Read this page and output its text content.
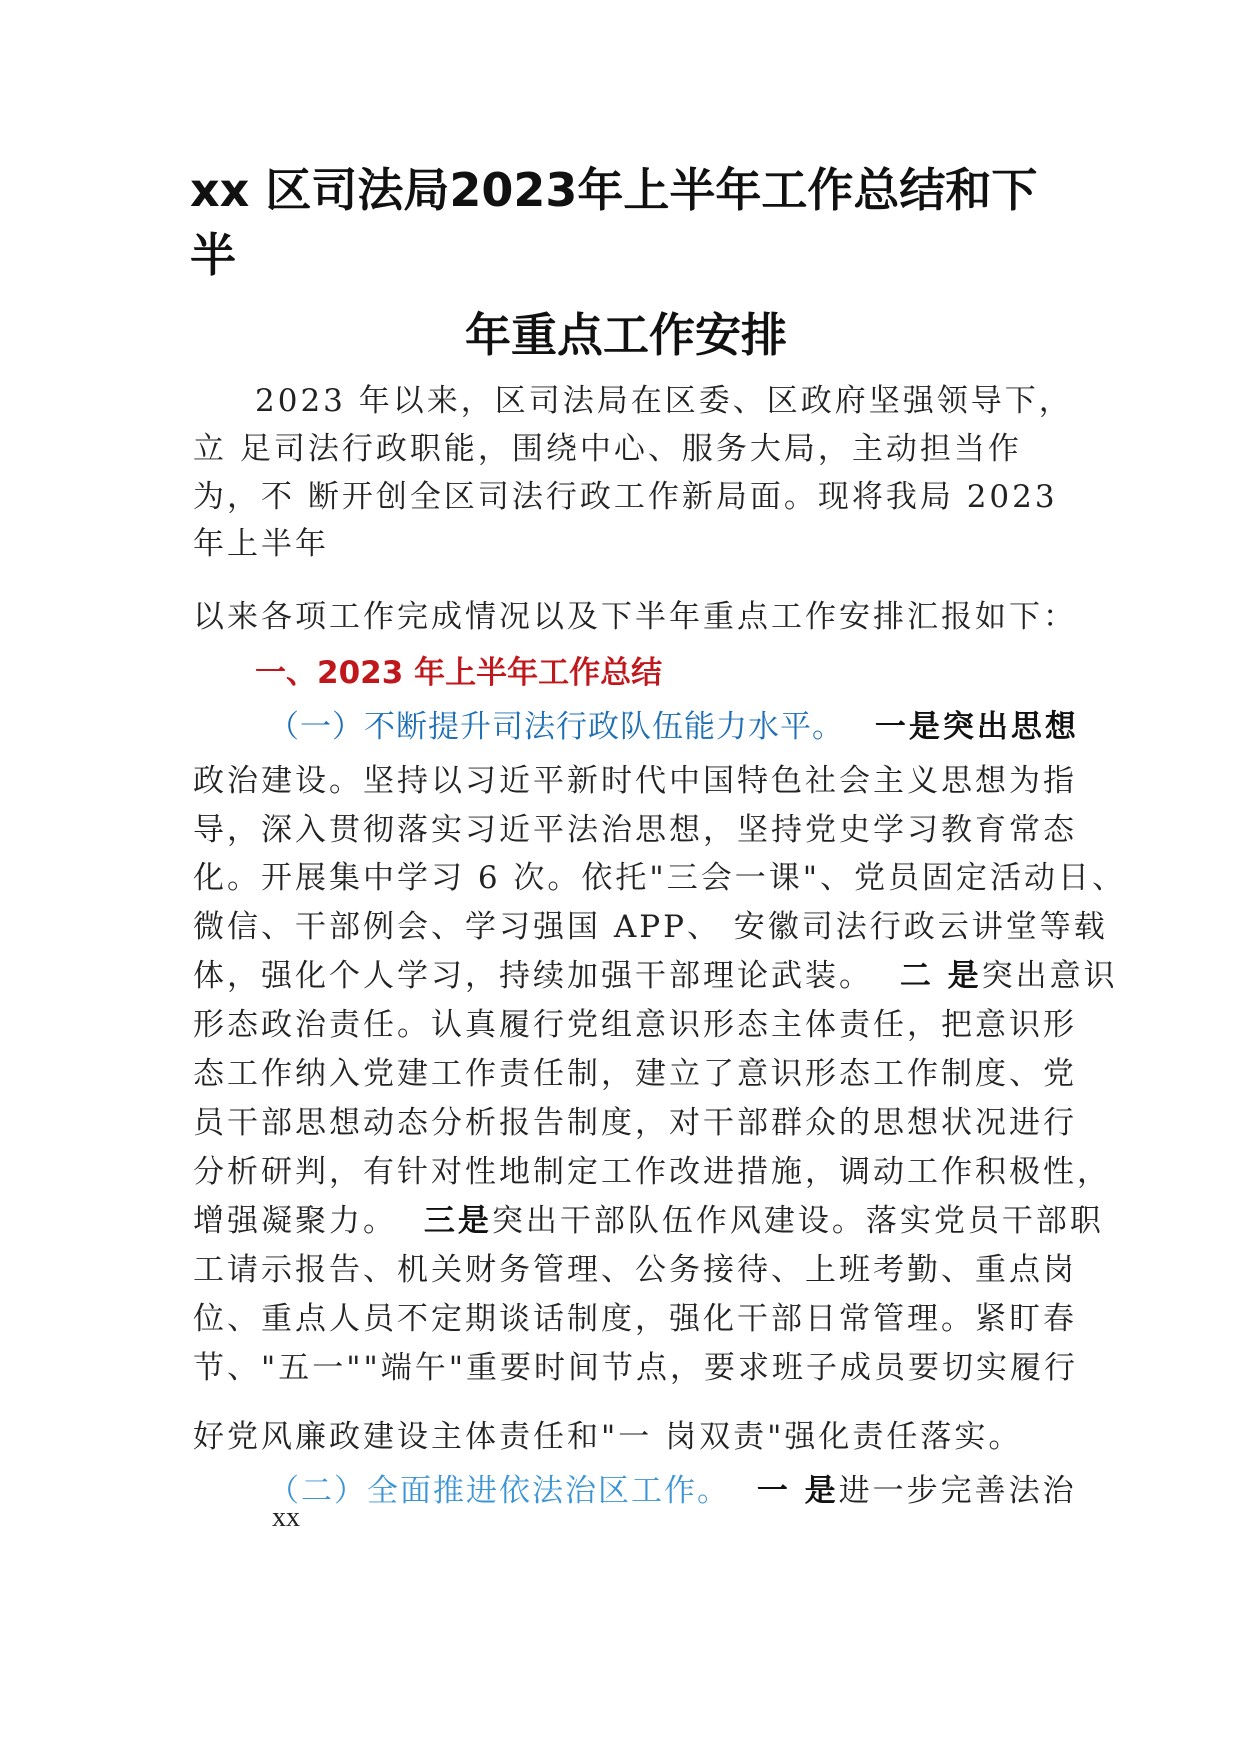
xx 区司法局2023年上半年工作总结和下
半
年重点工作安排
2023 年以来，区司法局在区委、区政府坚强领导下，
立 足司法行政职能，围绕中心、服务大局，主动担当作
为，不 断开创全区司法行政工作新局面。现将我局 2023
年上半年
以来各项工作完成情况以及下半年重点工作安排汇报如下：
一、2023 年上半年工作总结
（一）不断提升司法行政队伍能力水平。 一是突出思想
政治建设。坚持以习近平新时代中国特色社会主义思想为指
导，深入贯彻落实习近平法治思想，坚持党史学习教育常态
化。开展集中学习 6 次。依托"三会一课"、党员固定活动日、
微信、干部例会、学习强国 APP、 安徽司法行政云讲堂等载
体，强化个人学习，持续加强干部理论武装。 二 是突出意识
形态政治责任。认真履行党组意识形态主体责任，把意识形
态工作纳入党建工作责任制，建立了意识形态工作制度、党
员干部思想动态分析报告制度，对干部群众的思想状况进行
分析研判，有针对性地制定工作改进措施，调动工作积极性，
增强凝聚力。 三是突出干部队伍作风建设。落实党员干部职
工请示报告、机关财务管理、公务接待、上班考勤、重点岗
位、重点人员不定期谈话制度，强化干部日常管理。紧盯春
节、"五一""端午"重要时间节点，要求班子成员要切实履行
好党风廉政建设主体责任和"一 岗双责"强化责任落实。
（二）全面推进依法治区工作。 一 是进一步完善法治
xx
